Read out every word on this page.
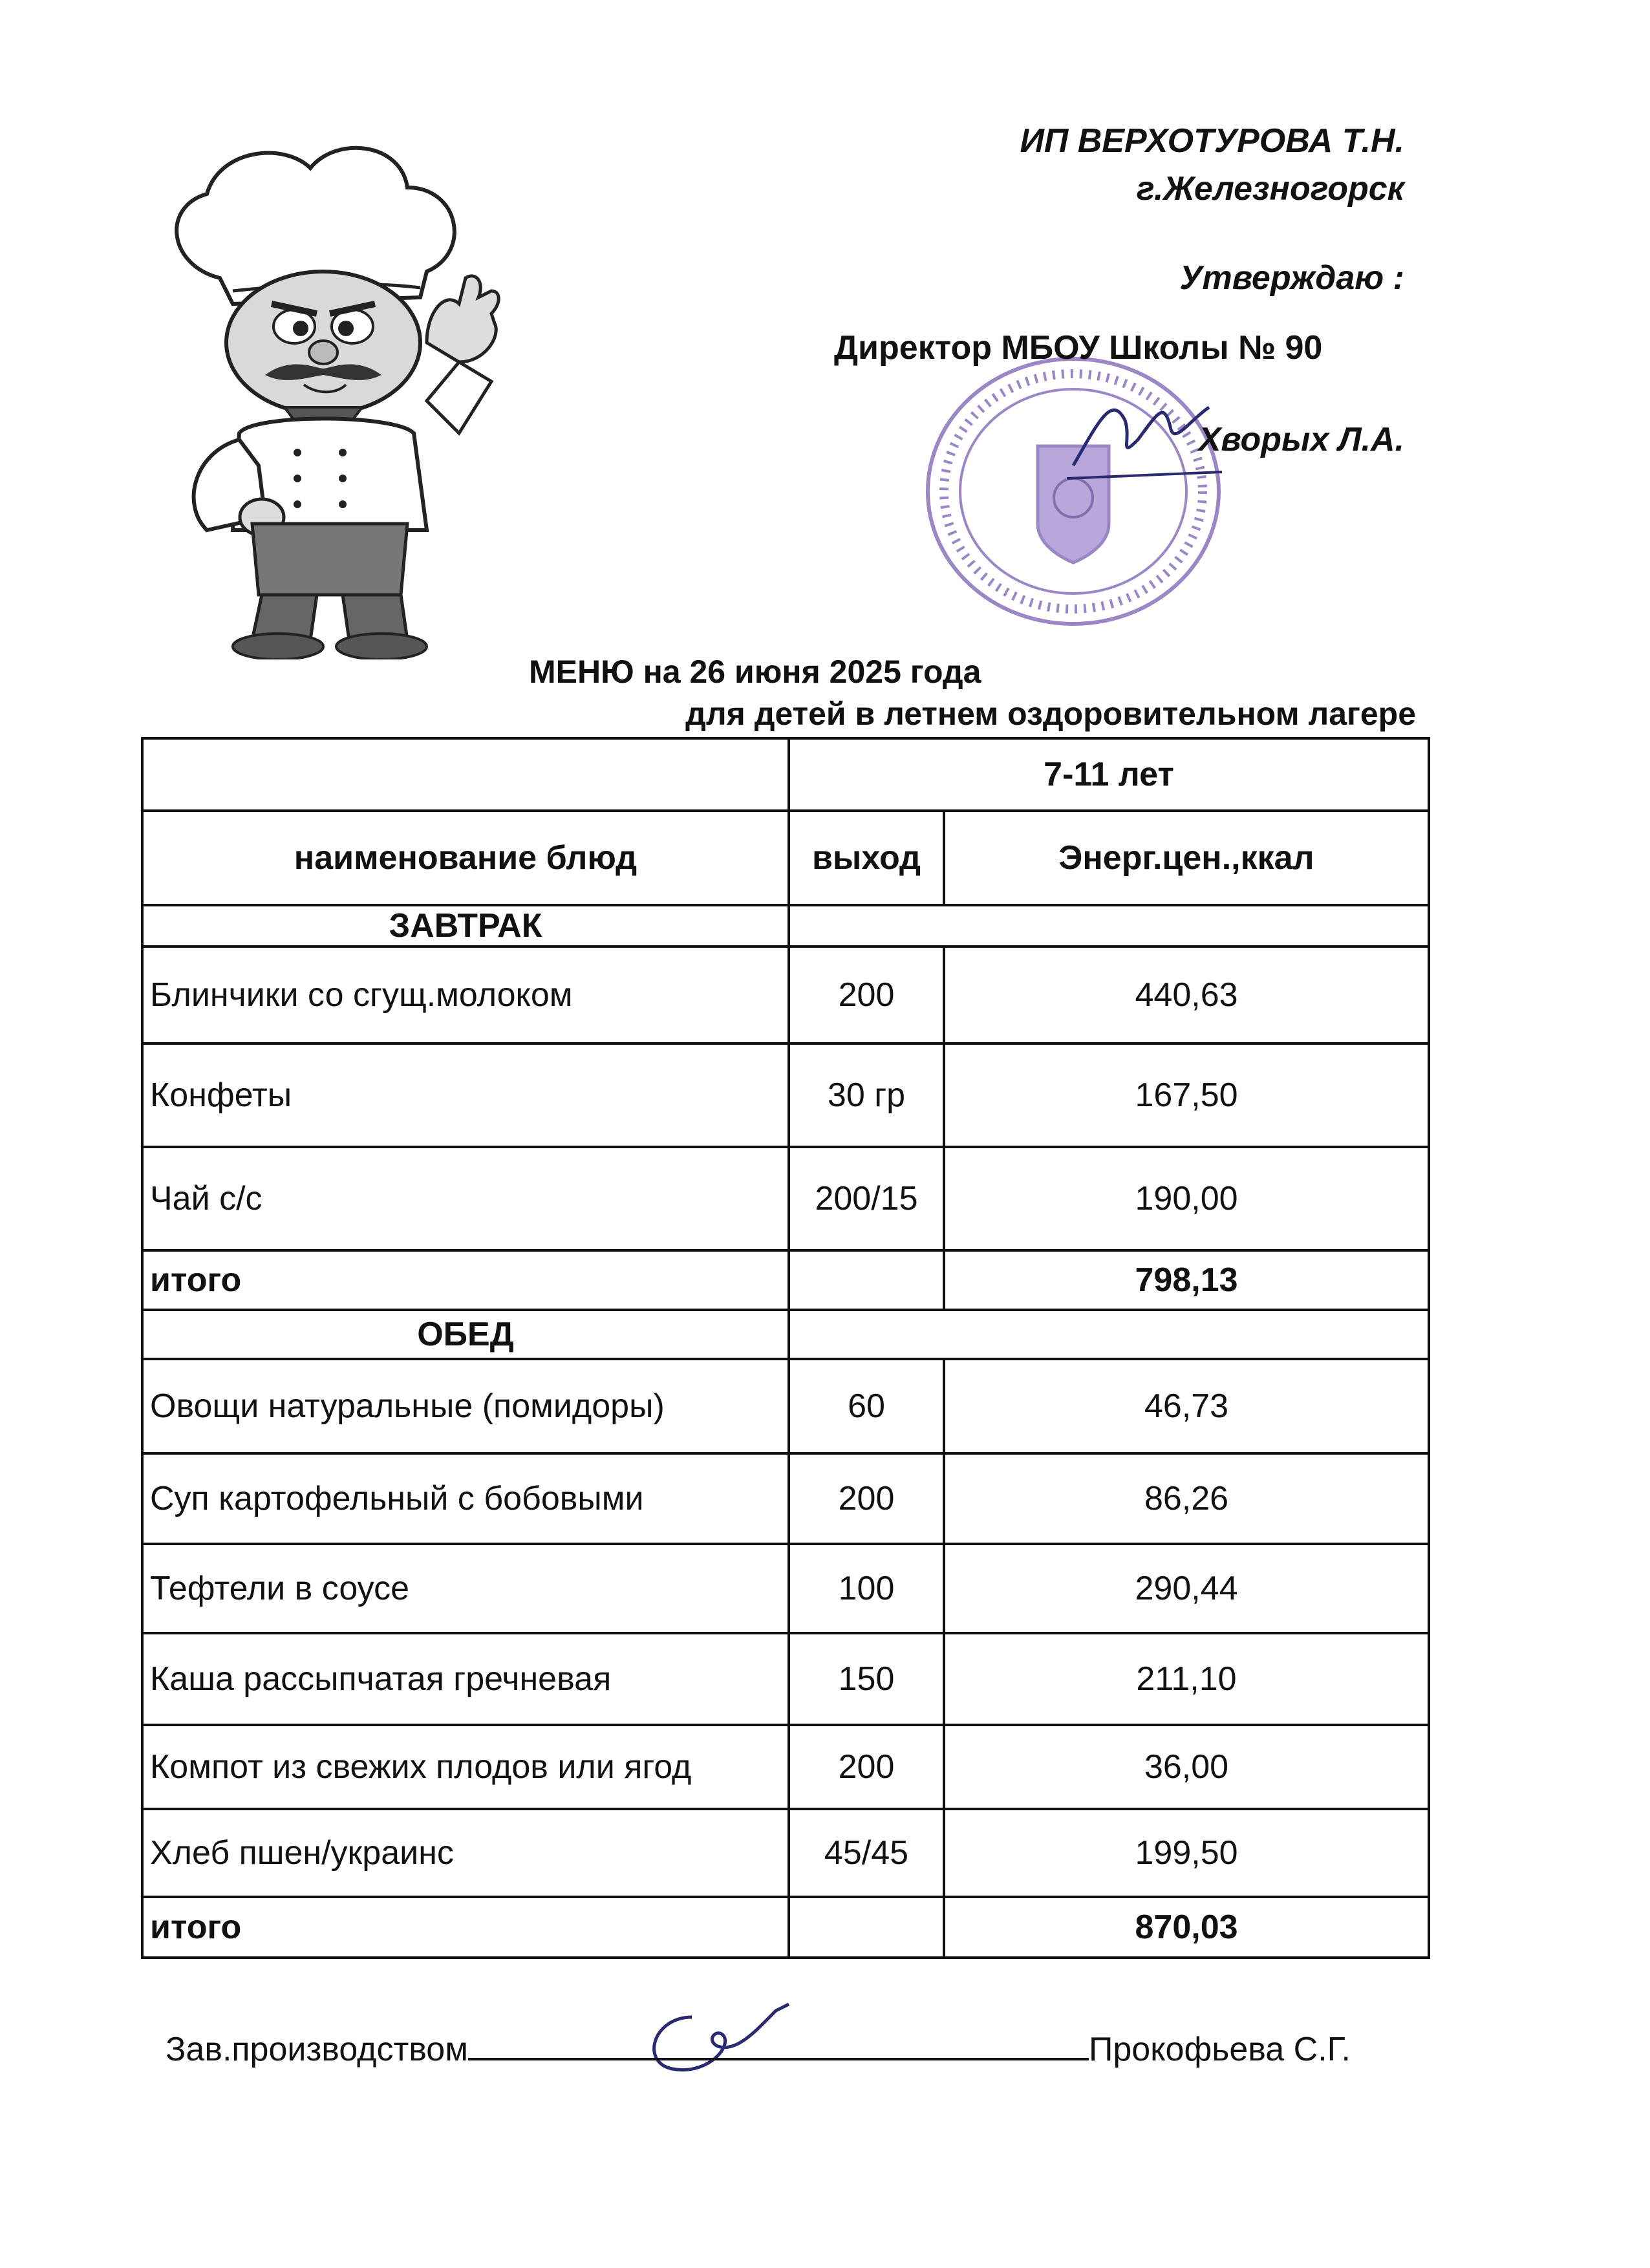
ИП ВЕРХОТУРОВА Т.Н.
г.Железногорск
Утверждаю :
Директор МБОУ Школы № 90
Хворых Л.А.
МЕНЮ на 26 июня 2025 года
для детей в летнем оздоровительном лагере
	7-11 лет	
наименование блюд	выход	Энерг.цен.,ккал
ЗАВТРАК		
Блинчики со сгущ.молоком	200	440,63
Конфеты	30 гр	167,50
Чай с/с	200/15	190,00
итого		798,13
ОБЕД		
Овощи натуральные (помидоры)	60	46,73
Суп картофельный с бобовыми	200	86,26
Тефтели в соусе	100	290,44
Каша рассыпчатая гречневая	150	211,10
Компот из свежих плодов или ягод	200	36,00
Хлеб пшен/украинс	45/45	199,50
итого		870,03
Зав.производством	Прокофьева С.Г.
